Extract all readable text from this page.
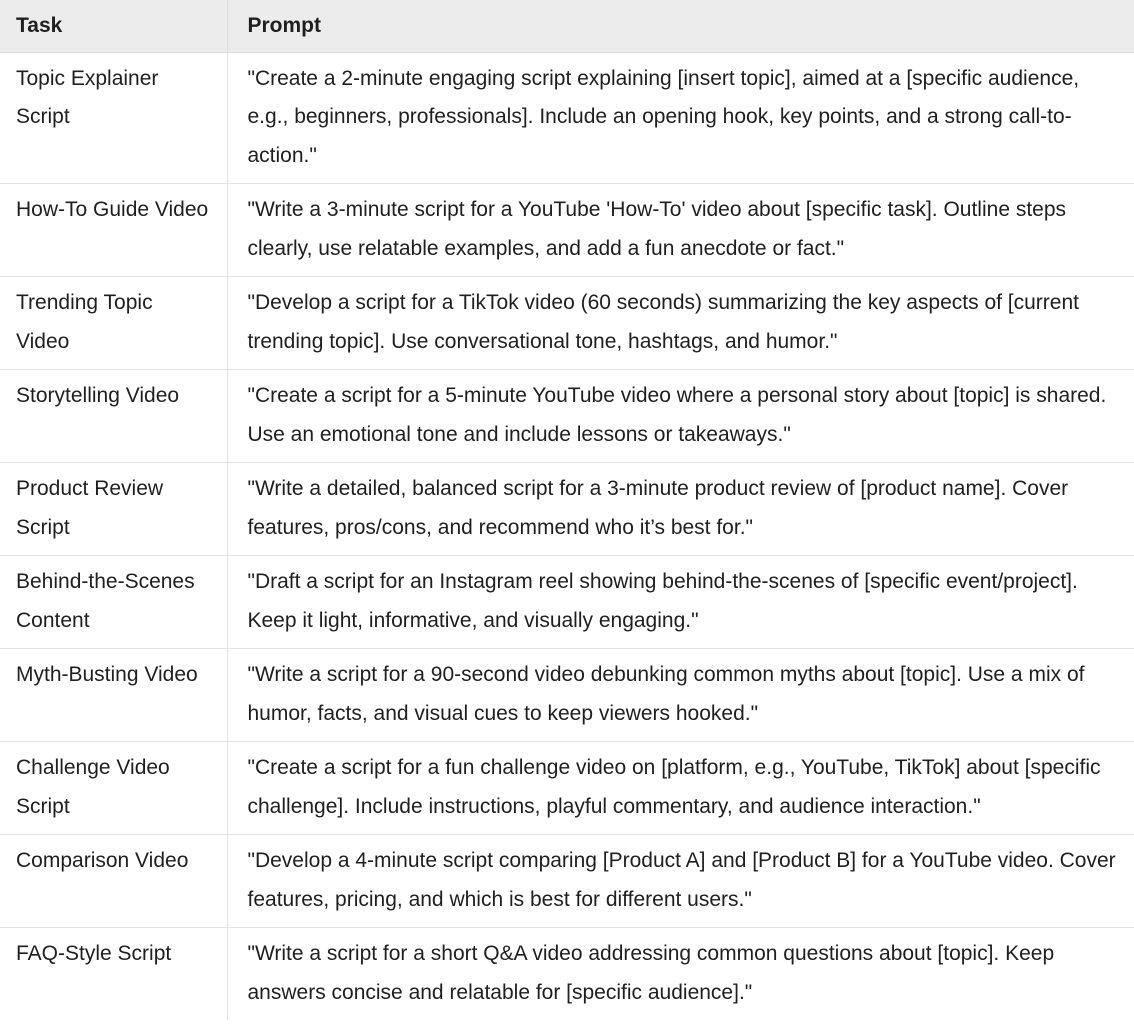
Task	Prompt
Topic Explainer Script	"Create a 2-minute engaging script explaining [insert topic], aimed at a [specific audience, e.g., beginners, professionals]. Include an opening hook, key points, and a strong call-to-action."
How-To Guide Video	"Write a 3-minute script for a YouTube 'How-To' video about [specific task]. Outline steps clearly, use relatable examples, and add a fun anecdote or fact."
Trending Topic Video	"Develop a script for a TikTok video (60 seconds) summarizing the key aspects of [current trending topic]. Use conversational tone, hashtags, and humor."
Storytelling Video	"Create a script for a 5-minute YouTube video where a personal story about [topic] is shared. Use an emotional tone and include lessons or takeaways."
Product Review Script	"Write a detailed, balanced script for a 3-minute product review of [product name]. Cover features, pros/cons, and recommend who it’s best for."
Behind-the-Scenes Content	"Draft a script for an Instagram reel showing behind-the-scenes of [specific event/project]. Keep it light, informative, and visually engaging."
Myth-Busting Video	"Write a script for a 90-second video debunking common myths about [topic]. Use a mix of humor, facts, and visual cues to keep viewers hooked."
Challenge Video Script	"Create a script for a fun challenge video on [platform, e.g., YouTube, TikTok] about [specific challenge]. Include instructions, playful commentary, and audience interaction."
Comparison Video	"Develop a 4-minute script comparing [Product A] and [Product B] for a YouTube video. Cover features, pricing, and which is best for different users."
FAQ-Style Script	"Write a script for a short Q&A video addressing common questions about [topic]. Keep answers concise and relatable for [specific audience]."
